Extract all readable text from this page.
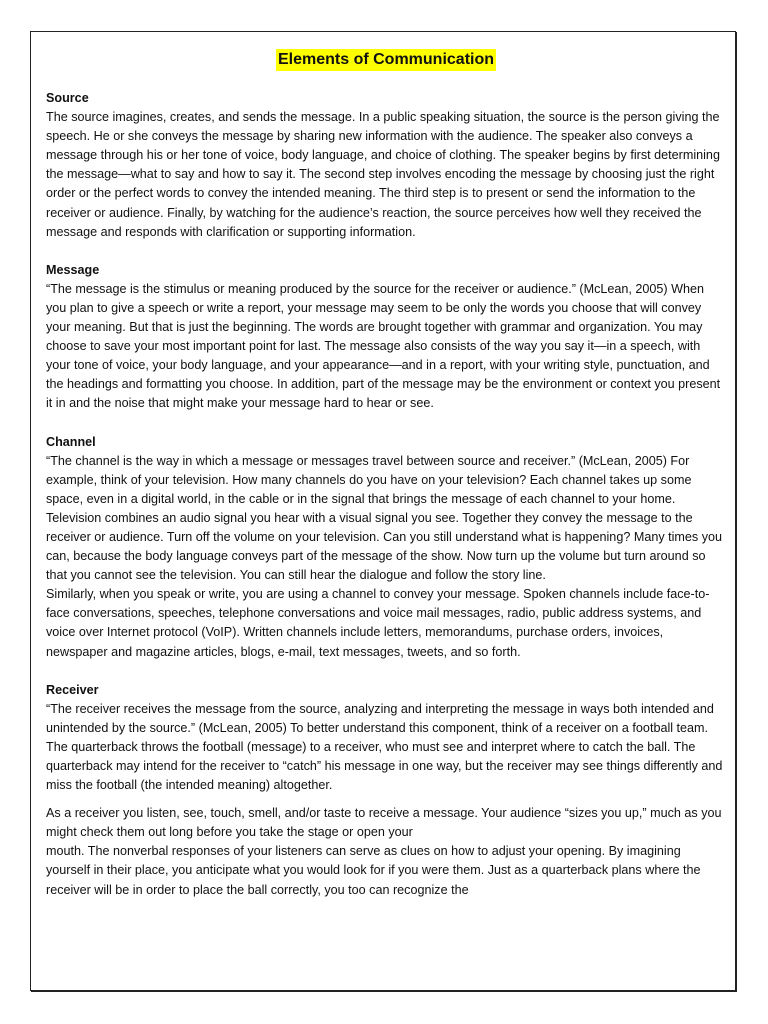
Elements of Communication

Source

The source imagines, creates, and sends the message. In a public speaking situation, the source is the person giving the speech. He or she conveys the message by sharing new information with the audience. The speaker also conveys a message through his or her tone of voice, body language, and choice of clothing. The speaker begins by first determining the message—what to say and how to say it. The second step involves encoding the message by choosing just the right order or the perfect words to convey the intended meaning. The third step is to present or send the information to the receiver or audience. Finally, by watching for the audience’s reaction, the source perceives how well they received the message and responds with clarification or supporting information.

Message

“The message is the stimulus or meaning produced by the source for the receiver or audience.” (McLean, 2005) When you plan to give a speech or write a report, your message may seem to be only the words you choose that will convey your meaning. But that is just the beginning. The words are brought together with grammar and organization. You may choose to save your most important point for last. The message also consists of the way you say it—in a speech, with your tone of voice, your body language, and your appearance—and in a report, with your writing style, punctuation, and the headings and formatting you choose. In addition, part of the message may be the environment or context you present it in and the noise that might make your message hard to hear or see.

Channel

“The channel is the way in which a message or messages travel between source and receiver.” (McLean, 2005) For example, think of your television. How many channels do you have on your television? Each channel takes up some space, even in a digital world, in the cable or in the signal that brings the message of each channel to your home. Television combines an audio signal you hear with a visual signal you see. Together they convey the message to the receiver or audience. Turn off the volume on your television. Can you still understand what is happening? Many times you can, because the body language conveys part of the message of the show. Now turn up the volume but turn around so that you cannot see the television. You can still hear the dialogue and follow the story line.

Similarly, when you speak or write, you are using a channel to convey your message. Spoken channels include face-to-face conversations, speeches, telephone conversations and voice mail messages, radio, public address systems, and voice over Internet protocol (VoIP). Written channels include letters, memorandums, purchase orders, invoices, newspaper and magazine articles, blogs, e-mail, text messages, tweets, and so forth.

Receiver

“The receiver receives the message from the source, analyzing and interpreting the message in ways both intended and unintended by the source.” (McLean, 2005) To better understand this component, think of a receiver on a football team. The quarterback throws the football (message) to a receiver, who must see and interpret where to catch the ball. The quarterback may intend for the receiver to “catch” his message in one way, but the receiver may see things differently and miss the football (the intended meaning) altogether.

As a receiver you listen, see, touch, smell, and/or taste to receive a message. Your audience “sizes you up,” much as you might check them out long before you take the stage or open your

mouth. The nonverbal responses of your listeners can serve as clues on how to adjust your opening. By imagining yourself in their place, you anticipate what you would look for if you were them. Just as a quarterback plans where the receiver will be in order to place the ball correctly, you too can recognize the
